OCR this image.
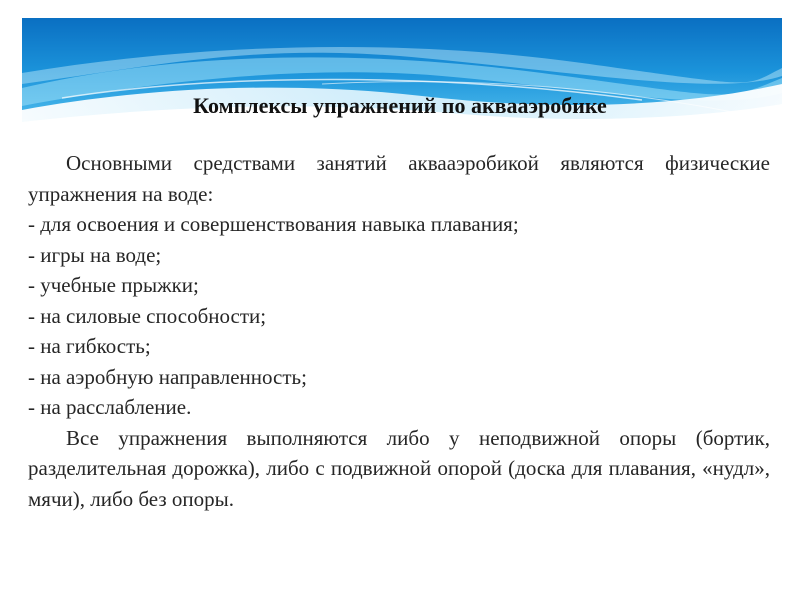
Комплексы упражнений по аквааэробике

Основными средствами занятий аквааэробикой являются физические упражнения на воде:

- для освоения и совершенствования навыка плавания;
- игры на воде;
- учебные прыжки;
- на силовые способности;
- на гибкость;
- на аэробную направленность;
- на расслабление.

Все упражнения выполняются либо у неподвижной опоры (бортик, разделительная дорожка), либо с подвижной опорой (доска для плавания, «нудл», мячи), либо без опоры.
